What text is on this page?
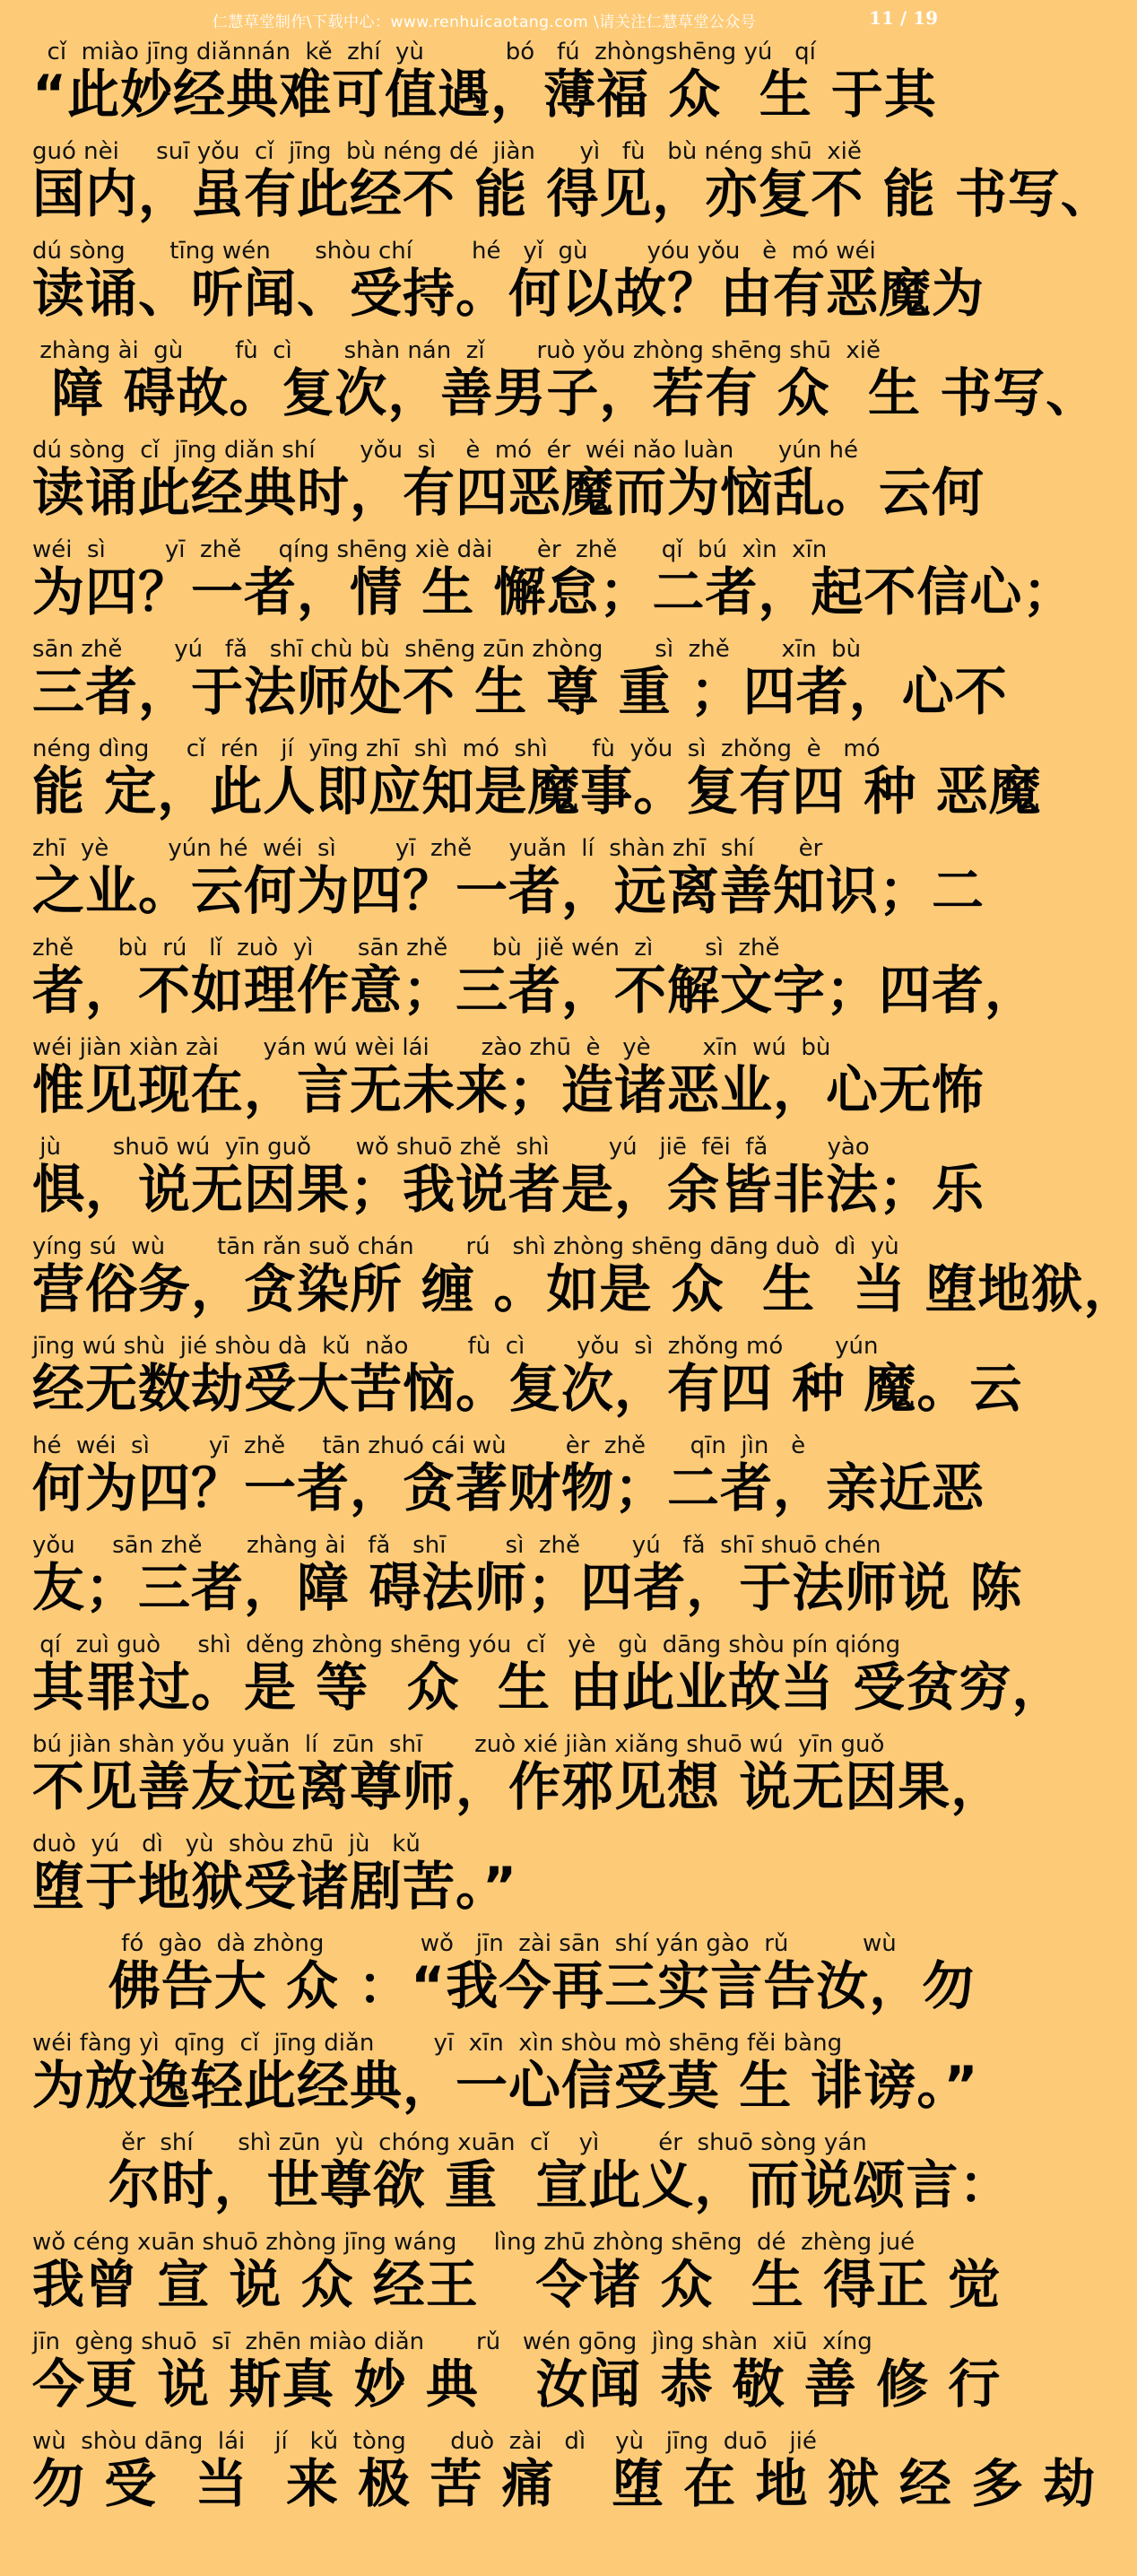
仁慧草堂制作\下载中心：www.renhuicaotang.com \请关注仁慧草堂公众号	11 / 19
cǐ  miào jīng diǎnnán  kě  zhí  yù           bó   fú  zhòngshēng yú   qí
“此妙经典难可值遇，薄福 众  生 于其
guó nèi     suī yǒu  cǐ  jīng  bù néng dé  jiàn      yì   fù   bù néng shū  xiě
国内，虽有此经不 能 得见，亦复不 能 书写、
dú sòng      tīng wén      shòu chí        hé   yǐ  gù        yóu yǒu   è  mó wéi
读诵、听闻、受持。何以故？由有恶魔为
zhàng ài  gù       fù  cì       shàn nán  zǐ       ruò yǒu zhòng shēng shū  xiě
障 碍故。复次，善男子，若有 众  生 书写、
dú sòng  cǐ  jīng diǎn shí      yǒu  sì    è  mó  ér  wéi nǎo luàn      yún hé
读诵此经典时，有四恶魔而为恼乱。云何
wéi  sì        yī  zhě     qíng shēng xiè dài      èr  zhě      qǐ  bú  xìn  xīn
为四？一者，情 生 懈怠；二者，起不信心；
sān zhě       yú   fǎ   shī chù bù  shēng zūn zhòng       sì  zhě       xīn  bù
三者，于法师处不 生 尊 重 ；四者，心不
néng dìng     cǐ  rén   jí  yīng zhī  shì  mó  shì      fù  yǒu  sì  zhǒng  è   mó
能 定，此人即应知是魔事。复有四 种 恶魔
zhī  yè        yún hé  wéi  sì        yī  zhě     yuǎn  lí  shàn zhī  shí      èr
之业。云何为四？一者，远离善知识；二
zhě      bù  rú   lǐ  zuò  yì      sān zhě      bù  jiě wén  zì       sì  zhě
者，不如理作意；三者，不解文字；四者，
wéi jiàn xiàn zài      yán wú wèi lái       zào zhū  è   yè       xīn  wú  bù
惟见现在，言无未来；造诸恶业，心无怖
jù       shuō wú  yīn guǒ      wǒ shuō zhě  shì        yú   jiē  fēi  fǎ        yào
惧，说无因果；我说者是，余皆非法；乐
yíng sú  wù       tān rǎn suǒ chán       rú   shì zhòng shēng dāng duò  dì  yù
营俗务，贪染所 缠 。如是 众  生  当 堕地狱，
jīng wú shù  jié shòu dà  kǔ  nǎo        fù  cì       yǒu  sì  zhǒng mó       yún
经无数劫受大苦恼。复次，有四 种 魔。云
hé  wéi  sì        yī  zhě     tān zhuó cái wù        èr  zhě      qīn  jìn   è
何为四？一者，贪著财物；二者，亲近恶
yǒu     sān zhě      zhàng ài   fǎ   shī        sì  zhě       yú   fǎ  shī shuō chén
友；三者，障 碍法师；四者，于法师说 陈
qí  zuì guò     shì  děng zhòng shēng yóu  cǐ   yè   gù  dāng shòu pín qióng
其罪过。是 等  众  生 由此业故当 受贫穷，
bú jiàn shàn yǒu yuǎn  lí  zūn  shī       zuò xié jiàn xiǎng shuō wú  yīn guǒ
不见善友远离尊师，作邪见想 说无因果，
duò  yú   dì   yù  shòu zhū  jù   kǔ
堕于地狱受诸剧苦。”
fó  gào  dà zhòng             wǒ   jīn  zài sān  shí yán gào  rǔ          wù
佛告大 众 ：“我今再三实言告汝，勿
wéi fàng yì  qīng  cǐ  jīng diǎn        yī  xīn  xìn shòu mò shēng fěi bàng
为放逸轻此经典，一心信受莫 生 诽谤。”
ěr  shí      shì zūn  yù  chóng xuān  cǐ    yì        ér  shuō sòng yán
尔时，世尊欲 重  宣此义，而说颂言：
wǒ céng xuān shuō zhòng jīng wáng     lìng zhū zhòng shēng  dé  zhèng jué
我曾 宣 说 众 经王   令诸 众  生 得正 觉
jīn  gèng shuō  sī  zhēn miào diǎn       rǔ   wén gōng  jìng shàn  xiū  xíng
今更 说 斯真 妙 典   汝闻 恭 敬 善 修 行
wù  shòu dāng  lái    jí   kǔ  tòng      duò  zài   dì    yù   jīng  duō   jié
勿 受  当  来 极 苦 痛   堕 在 地 狱 经 多 劫
